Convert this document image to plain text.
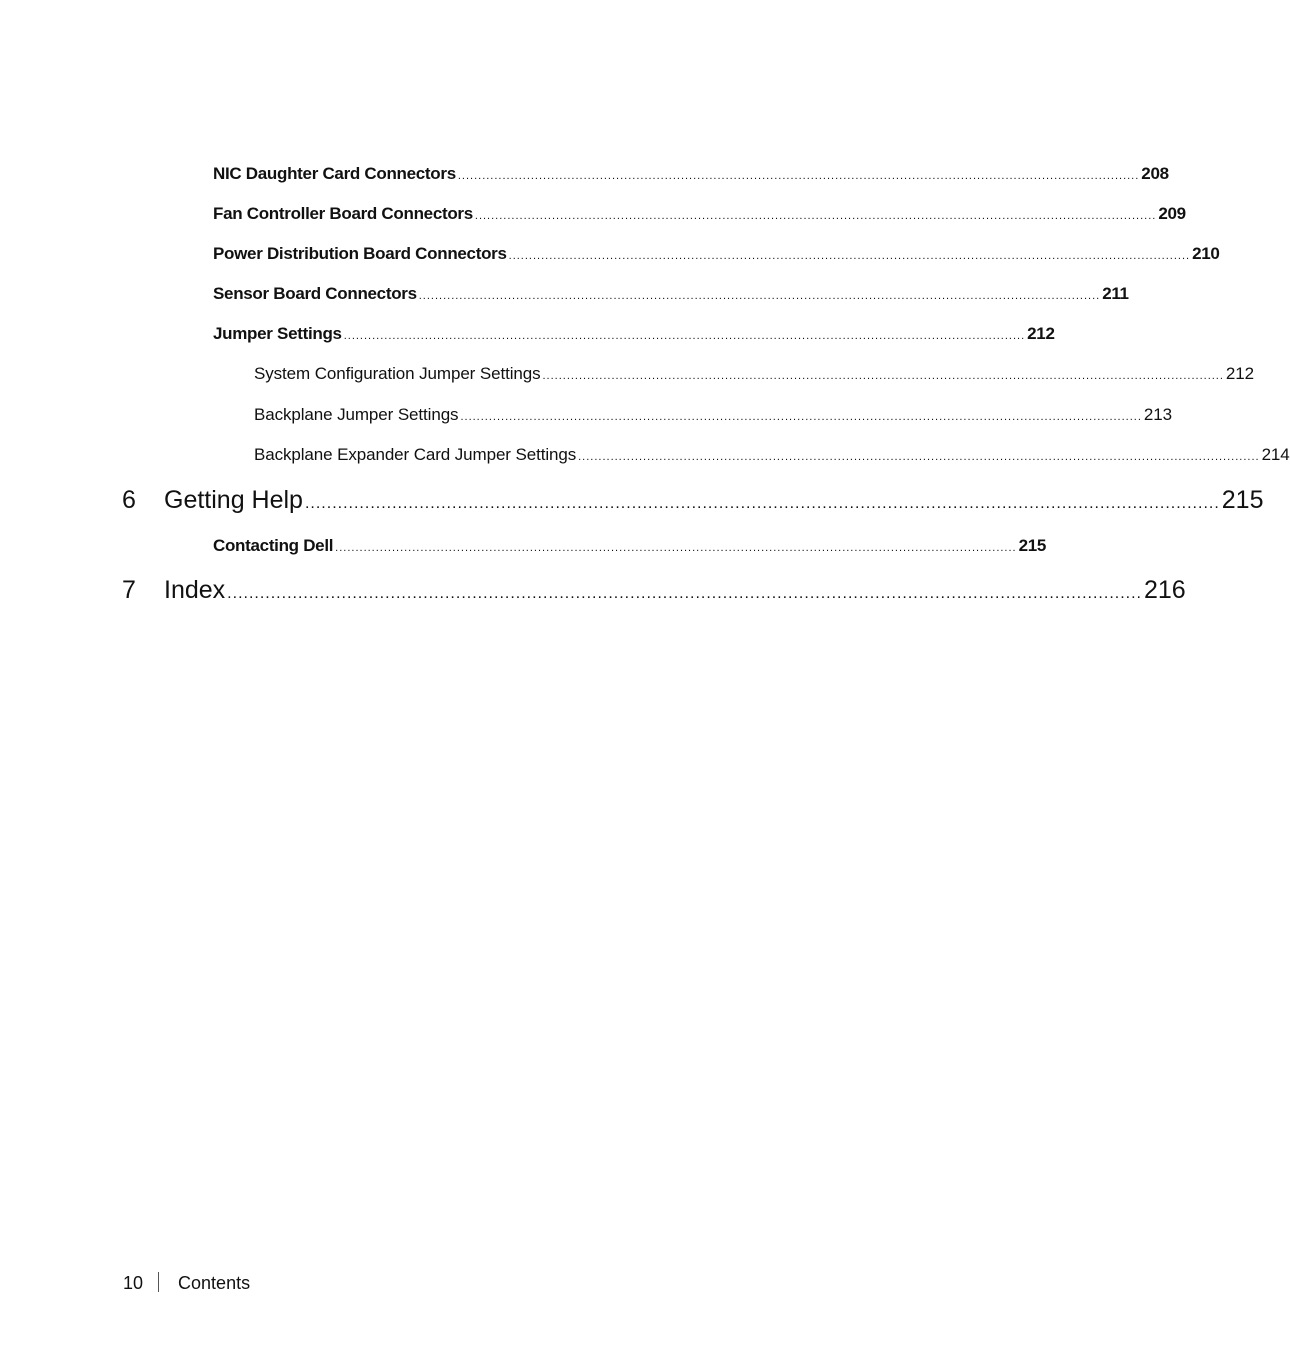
NIC Daughter Card Connectors ........................................................................................................................................................................ 208
Fan Controller Board Connectors ........................................................................................................................................................................ 209
Power Distribution Board Connectors ........................................................................................................................................................................ 210
Sensor Board Connectors ........................................................................................................................................................................ 211
Jumper Settings ........................................................................................................................................................................ 212
System Configuration Jumper Settings ........................................................................................................................................................................ 212
Backplane Jumper Settings ........................................................................................................................................................................ 213
Backplane Expander Card Jumper Settings ........................................................................................................................................................................ 214
6	Getting Help ........................................................................................................................................................................ 215
Contacting Dell ........................................................................................................................................................................ 215
7	Index ........................................................................................................................................................................ 216
10 Contents
